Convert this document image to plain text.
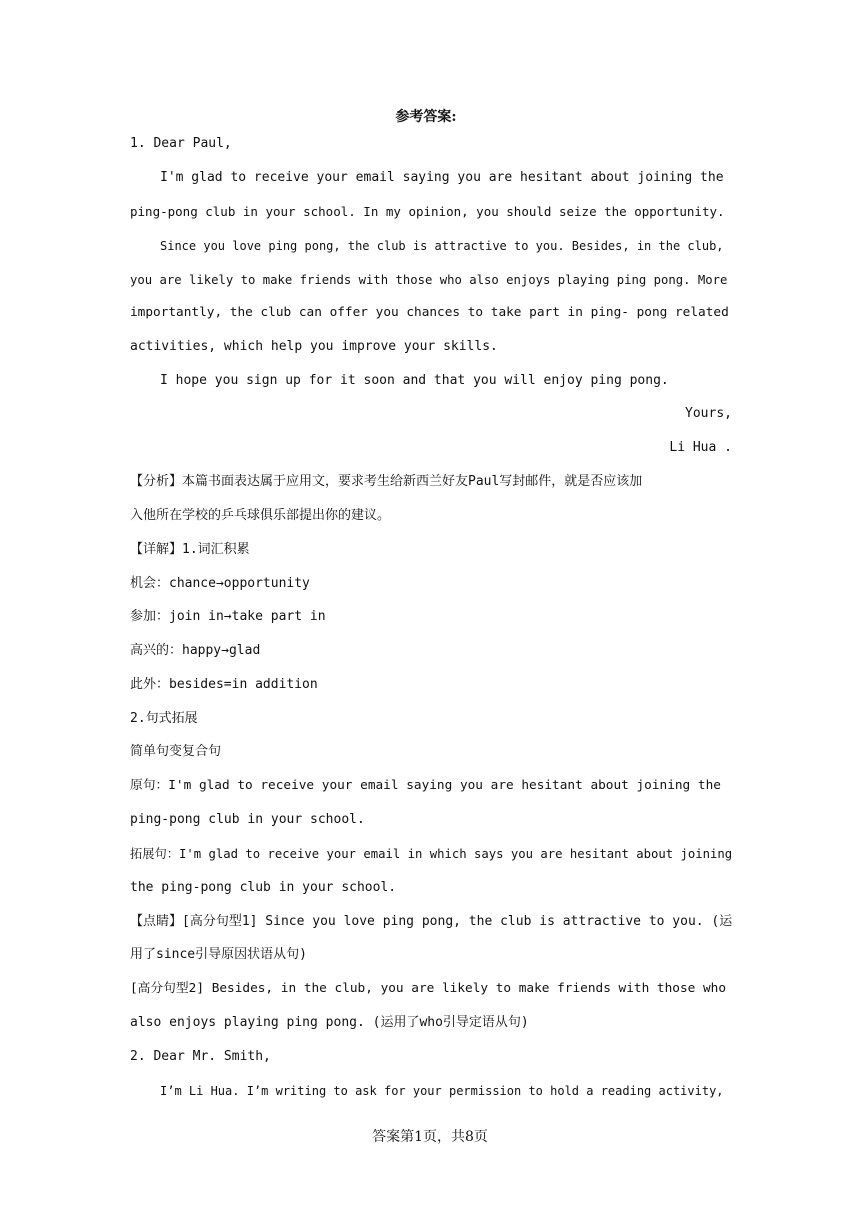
参考答案:
1. Dear Paul,
I'm glad to receive your email saying you are hesitant about joining the
ping-pong club in your school. In my opinion, you should seize the opportunity.
Since you love ping pong, the club is attractive to you. Besides, in the club,
you are likely to make friends with those who also enjoys playing ping pong. More
importantly, the club can offer you chances to take part in ping- pong related
activities, which help you improve your skills.
I hope you sign up for it soon and that you will enjoy ping pong.
Yours,
Li Hua .
【分析】本篇书面表达属于应用文，要求考生给新西兰好友Paul写封邮件，就是否应该加
入他所在学校的乒乓球俱乐部提出你的建议。
【详解】1.词汇积累
机会：chance→opportunity
参加：join in→take part in
高兴的：happy→glad
此外：besides=in addition
2.句式拓展
简单句变复合句
原句：I'm glad to receive your email saying you are hesitant about joining the
ping-pong club in your school.
拓展句：I'm glad to receive your email in which says you are hesitant about joining
the ping-pong club in your school.
【点睛】[高分句型1] Since you love ping pong, the club is attractive to you. (运
用了since引导原因状语从句)
[高分句型2] Besides, in the club, you are likely to make friends with those who
also enjoys playing ping pong. (运用了who引导定语从句)
2. Dear Mr. Smith,
I’m Li Hua. I’m writing to ask for your permission to hold a reading activity,
答案第1页，共8页
